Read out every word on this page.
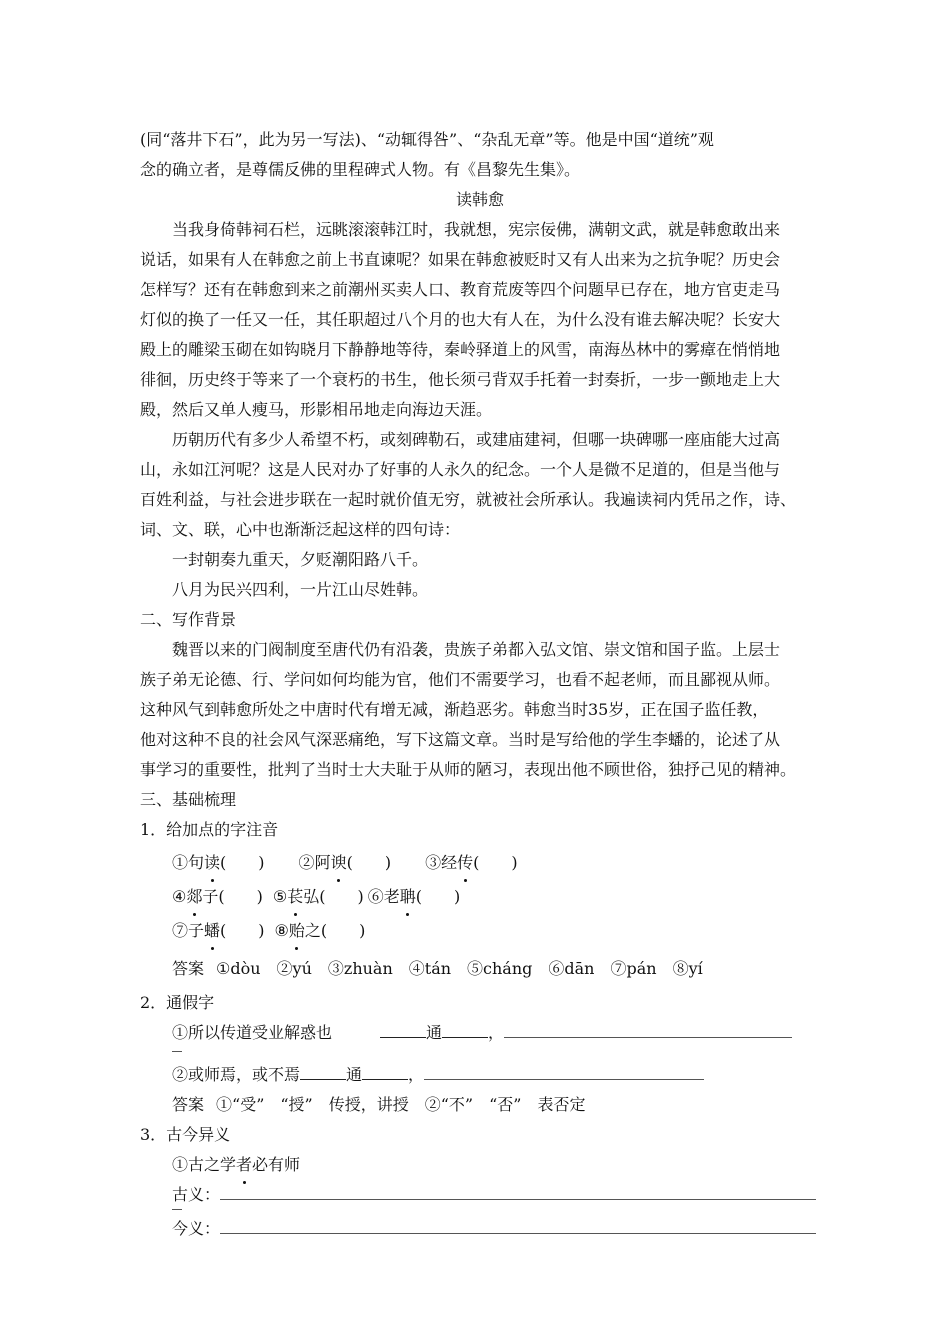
(同“落井下石”，此为另一写法)、“动辄得咎”、“杂乱无章”等。他是中国“道统”观
念的确立者，是尊儒反佛的里程碑式人物。有《昌黎先生集》。
读韩愈
当我身倚韩祠石栏，远眺滚滚韩江时，我就想，宪宗佞佛，满朝文武，就是韩愈敢出来
说话，如果有人在韩愈之前上书直谏呢？如果在韩愈被贬时又有人出来为之抗争呢？历史会
怎样写？还有在韩愈到来之前潮州买卖人口、教育荒废等四个问题早已存在，地方官吏走马
灯似的换了一任又一任，其任职超过八个月的也大有人在，为什么没有谁去解决呢？长安大
殿上的雕梁玉砌在如钩晓月下静静地等待，秦岭驿道上的风雪，南海丛林中的雾瘴在悄悄地
徘徊，历史终于等来了一个衰朽的书生，他长须弓背双手托着一封奏折，一步一颤地走上大
殿，然后又单人瘦马，形影相吊地走向海边天涯。
历朝历代有多少人希望不朽，或刻碑勒石，或建庙建祠，但哪一块碑哪一座庙能大过高
山，永如江河呢？这是人民对办了好事的人永久的纪念。一个人是微不足道的，但是当他与
百姓利益，与社会进步联在一起时就价值无穷，就被社会所承认。我遍读祠内凭吊之作，诗、
词、文、联，心中也渐渐泛起这样的四句诗：
一封朝奏九重天，夕贬潮阳路八千。
八月为民兴四利，一片江山尽姓韩。
二、写作背景
魏晋以来的门阀制度至唐代仍有沿袭，贵族子弟都入弘文馆、崇文馆和国子监。上层士
族子弟无论德、行、学问如何均能为官，他们不需要学习，也看不起老师，而且鄙视从师。
这种风气到韩愈所处之中唐时代有增无减，渐趋恶劣。韩愈当时35岁，正在国子监任教，
他对这种不良的社会风气深恶痛绝，写下这篇文章。当时是写给他的学生李蟠的，论述了从
事学习的重要性，批判了当时士大夫耻于从师的陋习，表现出他不顾世俗，独抒己见的精神。
三、基础梳理
1．给加点的字注音
①句读(　　) ②阿谀(　　) ③经传(　　)
④郯子(　　) ⑤苌弘(　　) ⑥老聃(　　)
⑦子蟠(　　) ⑧贻之(　　)
答案 ①dòu　②yú　③zhuàn　④tán　⑤cháng　⑥dān　⑦pán　⑧yí
2．通假字
①所以传道受业解惑也	通	，
②或师焉，或不焉	通	，
答案 ①“受”　“授”　传授，讲授　②“不”　“否”　表否定
3．古今异义
①古之学者必有师
古义：
今义：
